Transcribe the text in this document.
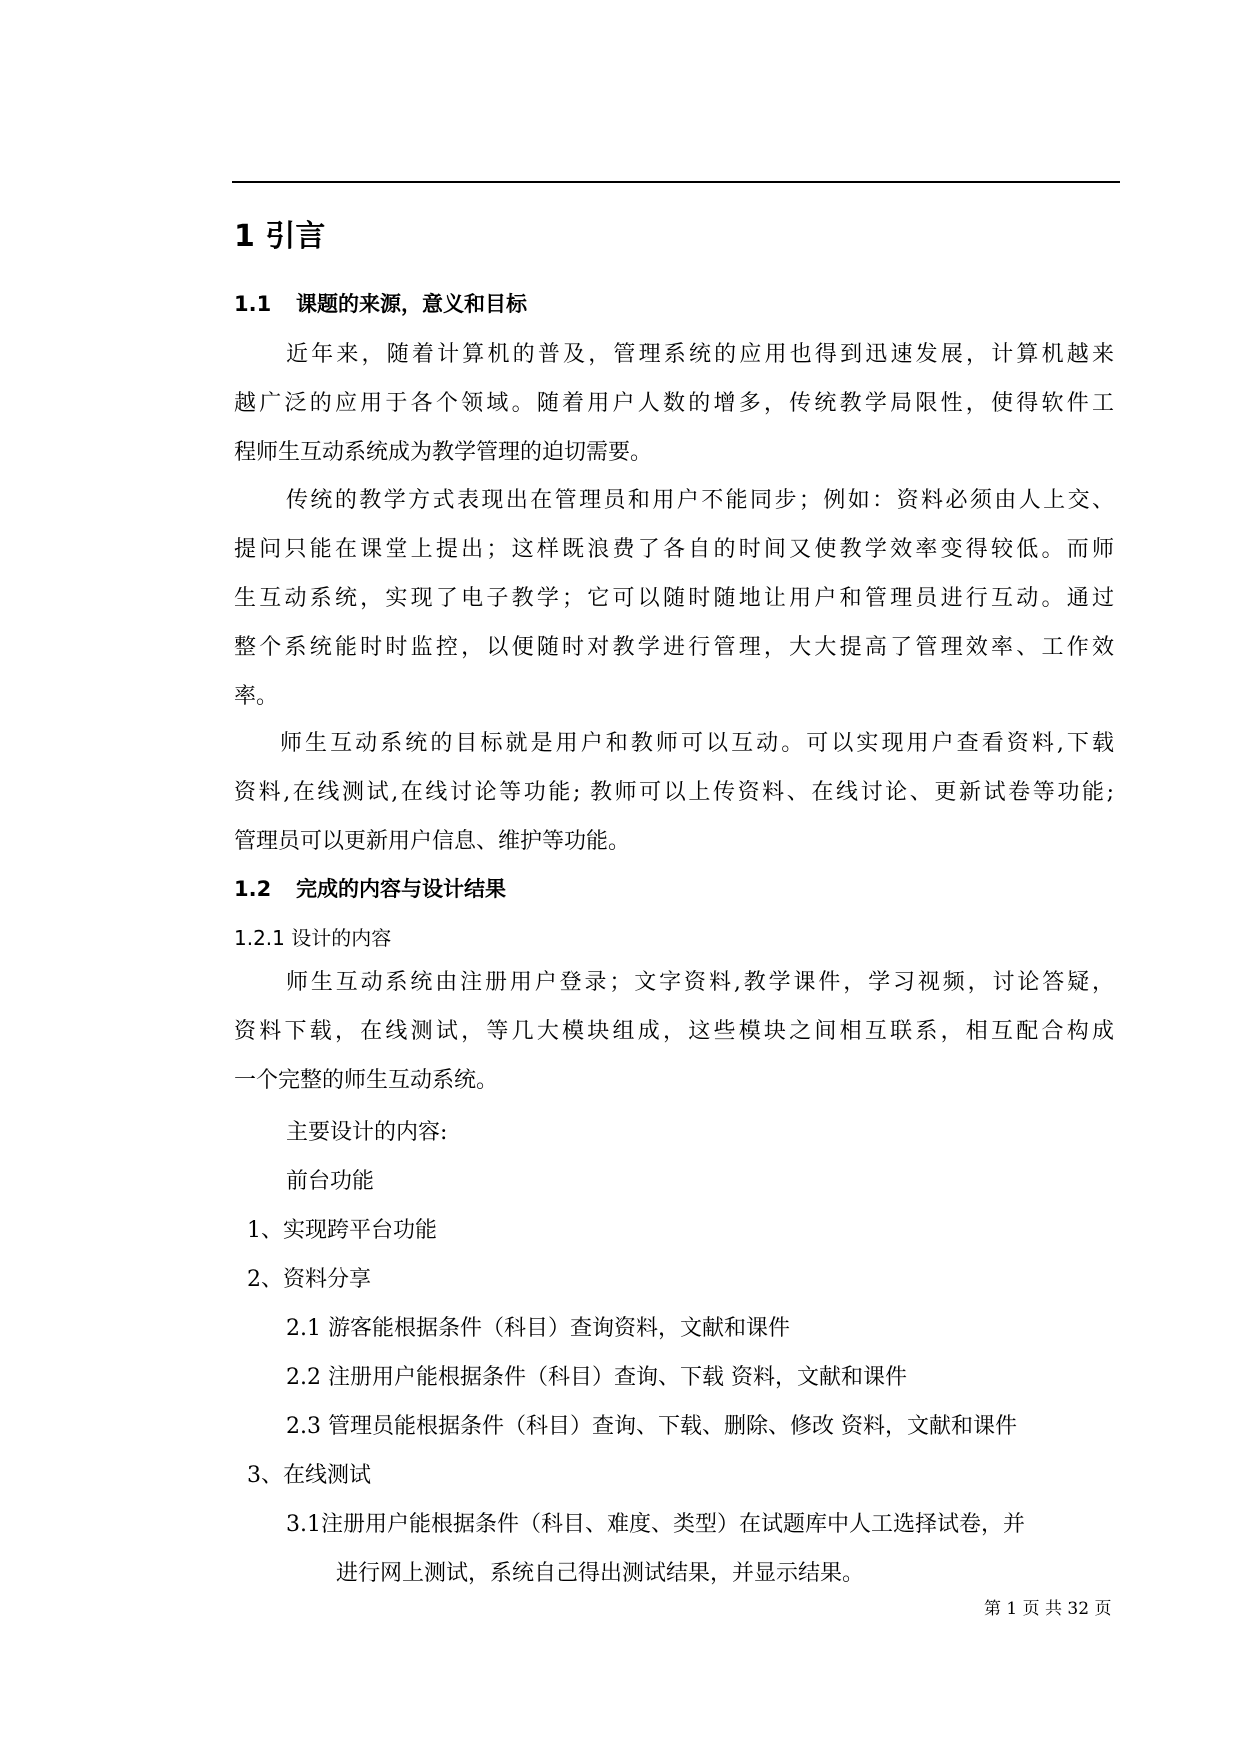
1 引言
1.1 课题的来源，意义和目标
近年来，随着计算机的普及，管理系统的应用也得到迅速发展，计算机越来
越广泛的应用于各个领域。随着用户人数的增多，传统教学局限性，使得软件工
程师生互动系统成为教学管理的迫切需要。
传统的教学方式表现出在管理员和用户不能同步；例如：资料必须由人上交、
提问只能在课堂上提出；这样既浪费了各自的时间又使教学效率变得较低。而师
生互动系统，实现了电子教学；它可以随时随地让用户和管理员进行互动。通过
整个系统能时时监控，以便随时对教学进行管理，大大提高了管理效率、工作效
率。
师生互动系统的目标就是用户和教师可以互动。可以实现用户查看资料,下载
资料,在线测试,在线讨论等功能; 教师可以上传资料、在线讨论、更新试卷等功能;
管理员可以更新用户信息、维护等功能。
1.2 完成的内容与设计结果
1.2.1 设计的内容
师生互动系统由注册用户登录；文字资料,教学课件，学习视频，讨论答疑，
资料下载，在线测试，等几大模块组成，这些模块之间相互联系，相互配合构成
一个完整的师生互动系统。
主要设计的内容:
前台功能
1、实现跨平台功能
2、资料分享
2.1 游客能根据条件（科目）查询资料，文献和课件
2.2 注册用户能根据条件（科目）查询、下载 资料，文献和课件
2.3 管理员能根据条件（科目）查询、下载、删除、修改 资料，文献和课件
3、在线测试
3.1注册用户能根据条件（科目、难度、类型）在试题库中人工选择试卷，并
进行网上测试，系统自己得出测试结果，并显示结果。
第 1 页 共 32 页
